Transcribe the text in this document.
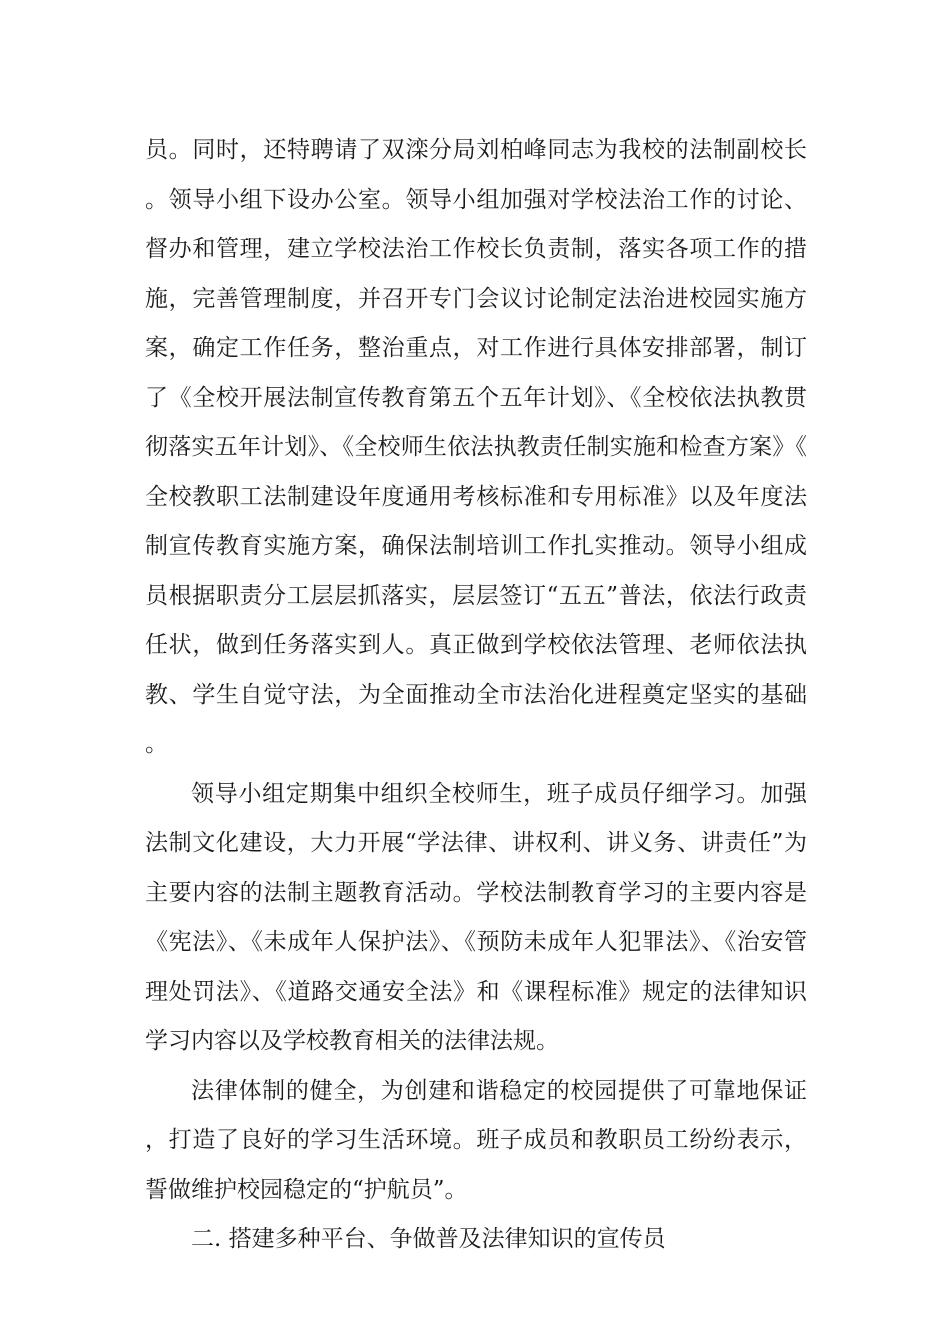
员。同时，还特聘请了双滦分局刘柏峰同志为我校的法制副校长。领导小组下设办公室。领导小组加强对学校法治工作的讨论、督办和管理，建立学校法治工作校长负责制，落实各项工作的措施，完善管理制度，并召开专门会议讨论制定法治进校园实施方案，确定工作任务，整治重点，对工作进行具体安排部署，制订了《全校开展法制宣传教育第五个五年计划》、《全校依法执教贯彻落实五年计划》、《全校师生依法执教责任制实施和检查方案》《全校教职工法制建设年度通用考核标准和专用标准》以及年度法制宣传教育实施方案，确保法制培训工作扎实推动。领导小组成员根据职责分工层层抓落实，层层签订“五五”普法，依法行政责任状，做到任务落实到人。真正做到学校依法管理、老师依法执教、学生自觉守法，为全面推动全市法治化进程奠定坚实的基础。

领导小组定期集中组织全校师生，班子成员仔细学习。加强法制文化建设，大力开展“学法律、讲权利、讲义务、讲责任”为主要内容的法制主题教育活动。学校法制教育学习的主要内容是《宪法》、《未成年人保护法》、《预防未成年人犯罪法》、《治安管理处罚法》、《道路交通安全法》和《课程标准》规定的法律知识学习内容以及学校教育相关的法律法规。

法律体制的健全，为创建和谐稳定的校园提供了可靠地保证，打造了良好的学习生活环境。班子成员和教职员工纷纷表示，誓做维护校园稳定的“护航员”。

二. 搭建多种平台、争做普及法律知识的宣传员
